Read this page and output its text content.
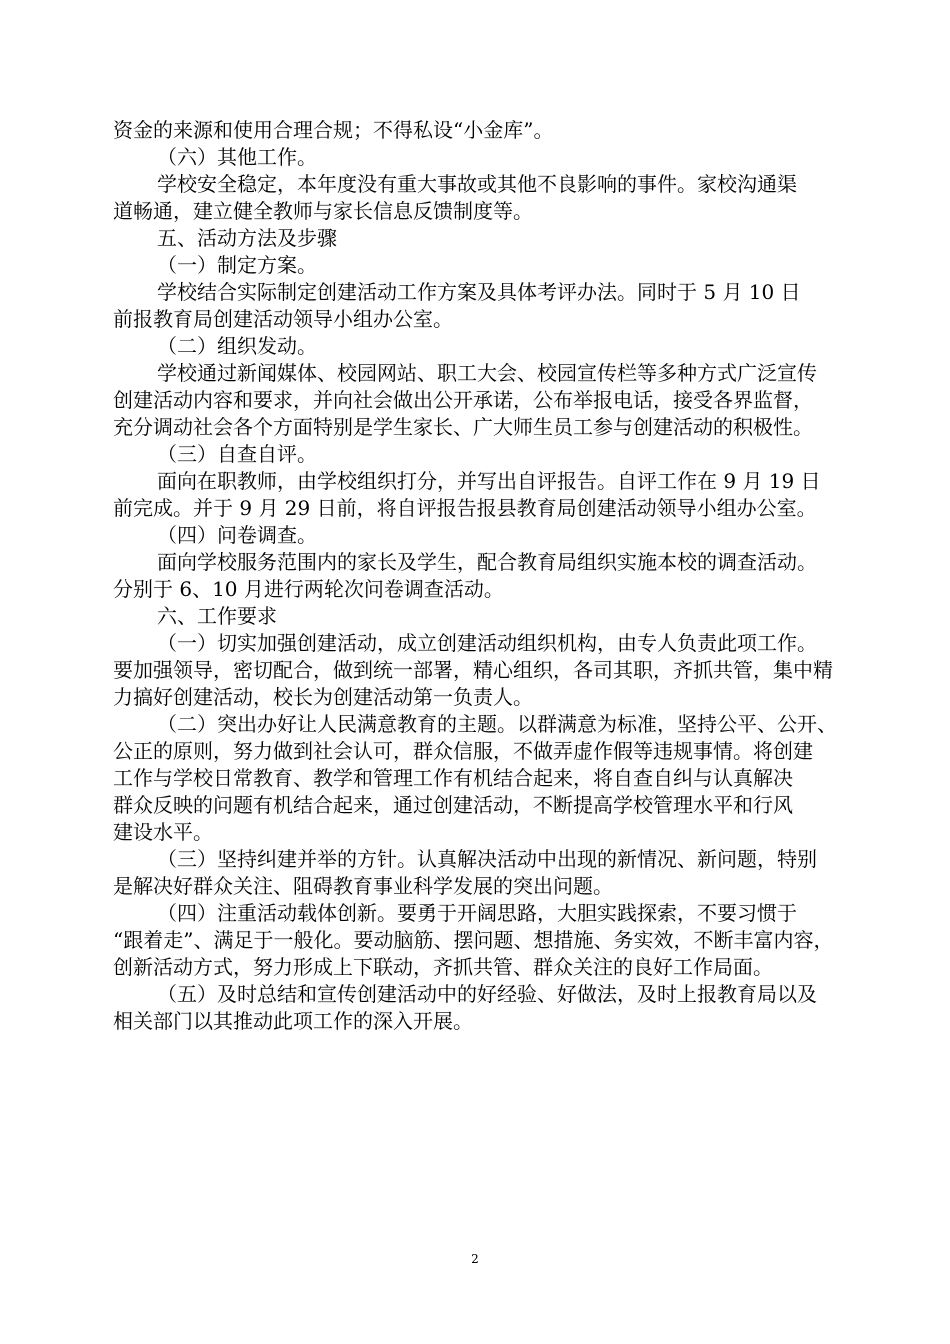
资金的来源和使用合理合规；不得私设“小金库”。
（六）其他工作。
学校安全稳定，本年度没有重大事故或其他不良影响的事件。家校沟通渠
道畅通，建立健全教师与家长信息反馈制度等。
五、活动方法及步骤
（一）制定方案。
学校结合实际制定创建活动工作方案及具体考评办法。同时于 5 月 10 日
前报教育局创建活动领导小组办公室。
（二）组织发动。
学校通过新闻媒体、校园网站、职工大会、校园宣传栏等多种方式广泛宣传
创建活动内容和要求，并向社会做出公开承诺，公布举报电话，接受各界监督，
充分调动社会各个方面特别是学生家长、广大师生员工参与创建活动的积极性。
（三）自查自评。
面向在职教师，由学校组织打分，并写出自评报告。自评工作在 9 月 19 日
前完成。并于 9 月 29 日前，将自评报告报县教育局创建活动领导小组办公室。
（四）问卷调查。
面向学校服务范围内的家长及学生，配合教育局组织实施本校的调查活动。
分别于 6、10 月进行两轮次问卷调查活动。
六、工作要求
（一）切实加强创建活动，成立创建活动组织机构，由专人负责此项工作。
要加强领导，密切配合，做到统一部署，精心组织，各司其职，齐抓共管，集中精
力搞好创建活动，校长为创建活动第一负责人。
（二）突出办好让人民满意教育的主题。以群满意为标准，坚持公平、公开、
公正的原则，努力做到社会认可，群众信服，不做弄虚作假等违规事情。将创建
工作与学校日常教育、教学和管理工作有机结合起来，将自查自纠与认真解决
群众反映的问题有机结合起来，通过创建活动，不断提高学校管理水平和行风
建设水平。
（三）坚持纠建并举的方针。认真解决活动中出现的新情况、新问题，特别
是解决好群众关注、阻碍教育事业科学发展的突出问题。
（四）注重活动载体创新。要勇于开阔思路，大胆实践探索，不要习惯于
“跟着走”、满足于一般化。要动脑筋、摆问题、想措施、务实效，不断丰富内容，
创新活动方式，努力形成上下联动，齐抓共管、群众关注的良好工作局面。
（五）及时总结和宣传创建活动中的好经验、好做法，及时上报教育局以及
相关部门以其推动此项工作的深入开展。
2
